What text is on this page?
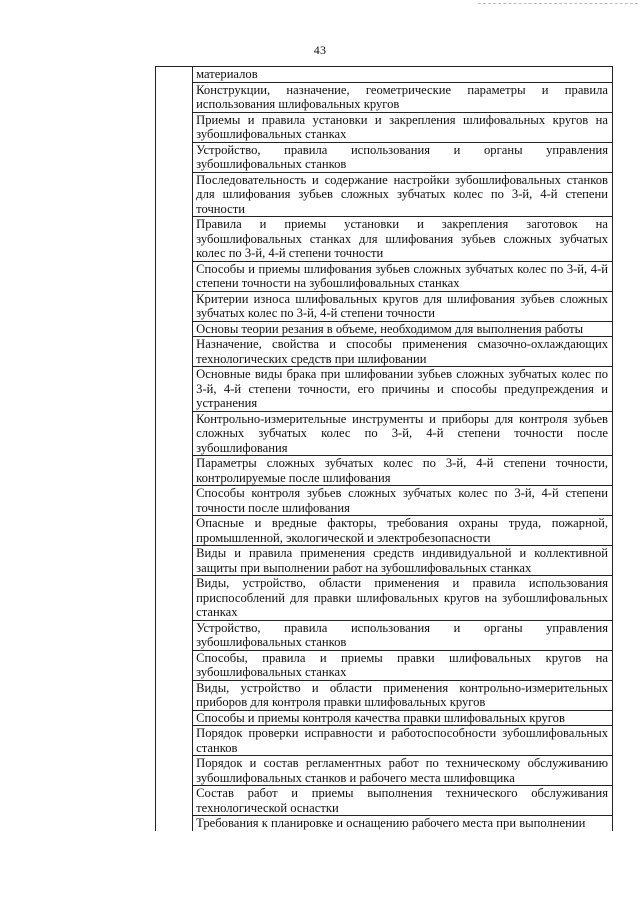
43
	материалов
	Конструкции, назначение, геометрические параметры и правила использования шлифовальных кругов
	Приемы и правила установки и закрепления шлифовальных кругов на зубошлифовальных станках
	Устройство, правила использования и органы управления зубошлифовальных станков
	Последовательность и содержание настройки зубошлифовальных станков для шлифования зубьев сложных зубчатых колес по 3-й, 4-й степени точности
	Правила и приемы установки и закрепления заготовок на зубошлифовальных станках для шлифования зубьев сложных зубчатых колес по 3-й, 4-й степени точности
	Способы и приемы шлифования зубьев сложных зубчатых колес по 3-й, 4-й степени точности на зубошлифовальных станках
	Критерии износа шлифовальных кругов для шлифования зубьев сложных зубчатых колес по 3-й, 4-й степени точности
	Основы теории резания в объеме, необходимом для выполнения работы
	Назначение, свойства и способы применения смазочно-охлаждающих технологических средств при шлифовании
	Основные виды брака при шлифовании зубьев сложных зубчатых колес по 3-й, 4-й степени точности, его причины и способы предупреждения и устранения
	Контрольно-измерительные инструменты и приборы для контроля зубьев сложных зубчатых колес по 3-й, 4-й степени точности после зубошлифования
	Параметры сложных зубчатых колес по 3-й, 4-й степени точности, контролируемые после шлифования
	Способы контроля зубьев сложных зубчатых колес по 3-й, 4-й степени точности после шлифования
	Опасные и вредные факторы, требования охраны труда, пожарной, промышленной, экологической и электробезопасности
	Виды и правила применения средств индивидуальной и коллективной защиты при выполнении работ на зубошлифовальных станках
	Виды, устройство, области применения и правила использования приспособлений для правки шлифовальных кругов на зубошлифовальных станках
	Устройство, правила использования и органы управления зубошлифовальных станков
	Способы, правила и приемы правки шлифовальных кругов на зубошлифовальных станках
	Виды, устройство и области применения контрольно-измерительных приборов для контроля правки шлифовальных кругов
	Способы и приемы контроля качества правки шлифовальных кругов
	Порядок проверки исправности и работоспособности зубошлифовальных станков
	Порядок и состав регламентных работ по техническому обслуживанию зубошлифовальных станков и рабочего места шлифовщика
	Состав работ и приемы выполнения технического обслуживания технологической оснастки
	Требования к планировке и оснащению рабочего места при выполнении
